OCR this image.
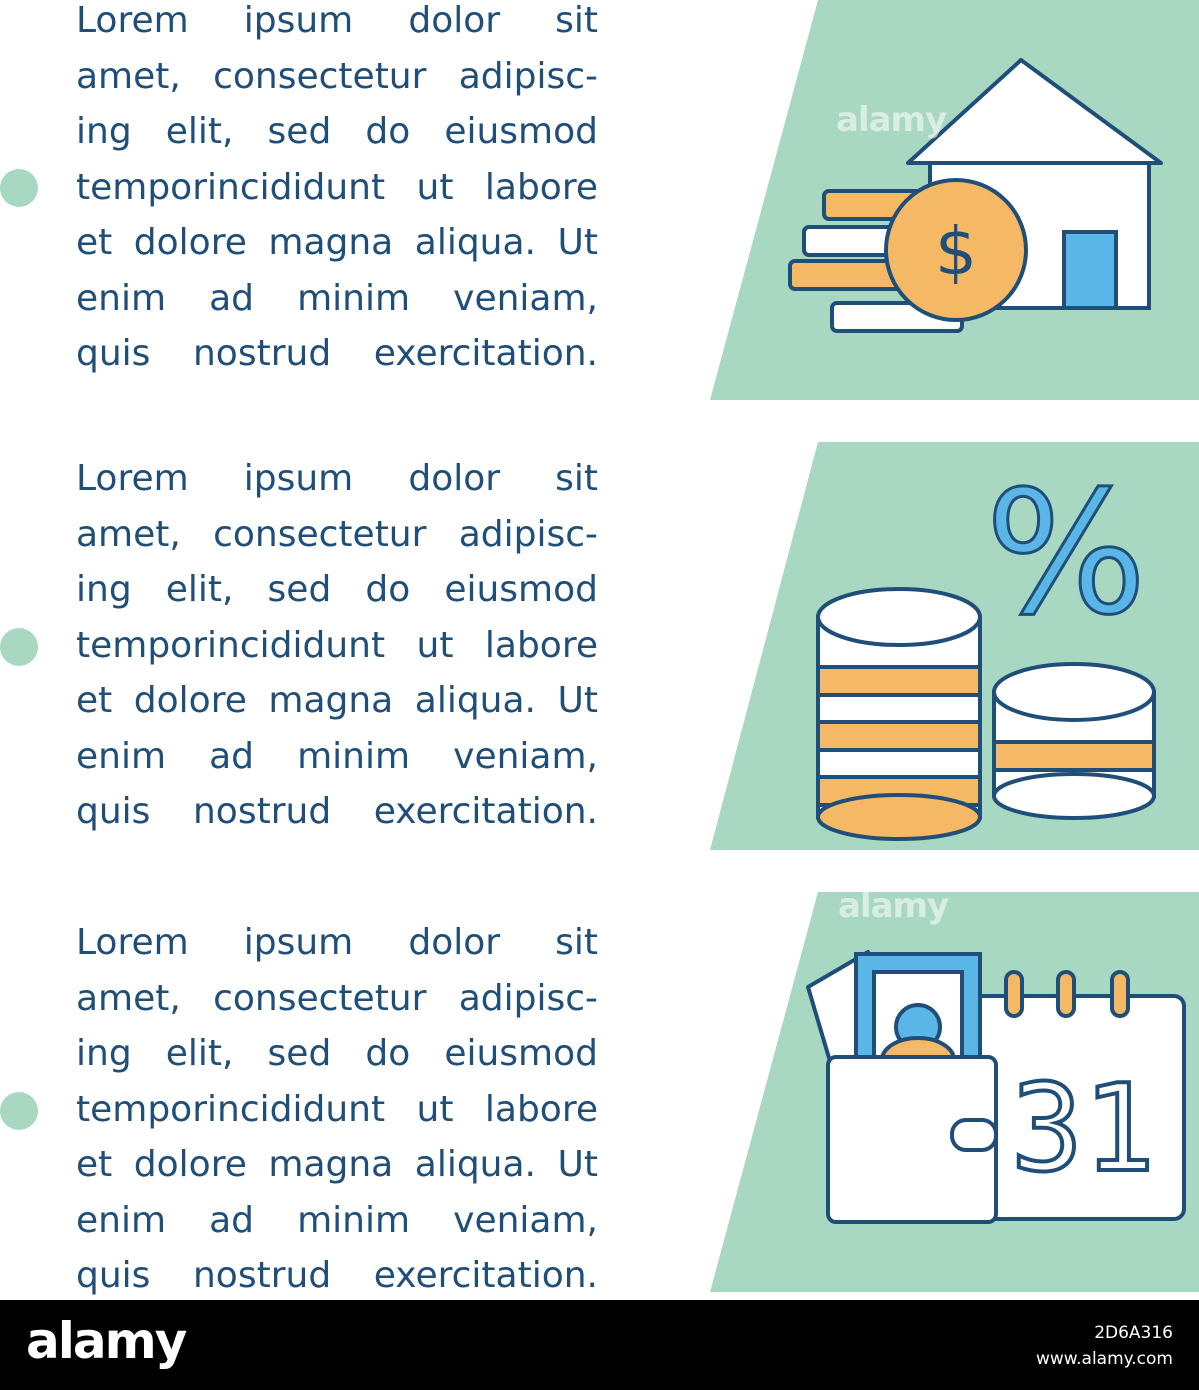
Lorem ipsum dolor sit
amet, consectetur adipisc-
ing elit, sed do eiusmod
temporincididunt ut labore
et dolore magna aliqua. Ut
enim ad minim veniam,
quis nostrud exercitation.

$
alamy

Lorem ipsum dolor sit
amet, consectetur adipisc-
ing elit, sed do eiusmod
temporincididunt ut labore
et dolore magna aliqua. Ut
enim ad minim veniam,
quis nostrud exercitation.

%

Lorem ipsum dolor sit
amet, consectetur adipisc-
ing elit, sed do eiusmod
temporincididunt ut labore
et dolore magna aliqua. Ut
enim ad minim veniam,
quis nostrud exercitation.

31
alamy
alamy	2D6A316
www.alamy.com
